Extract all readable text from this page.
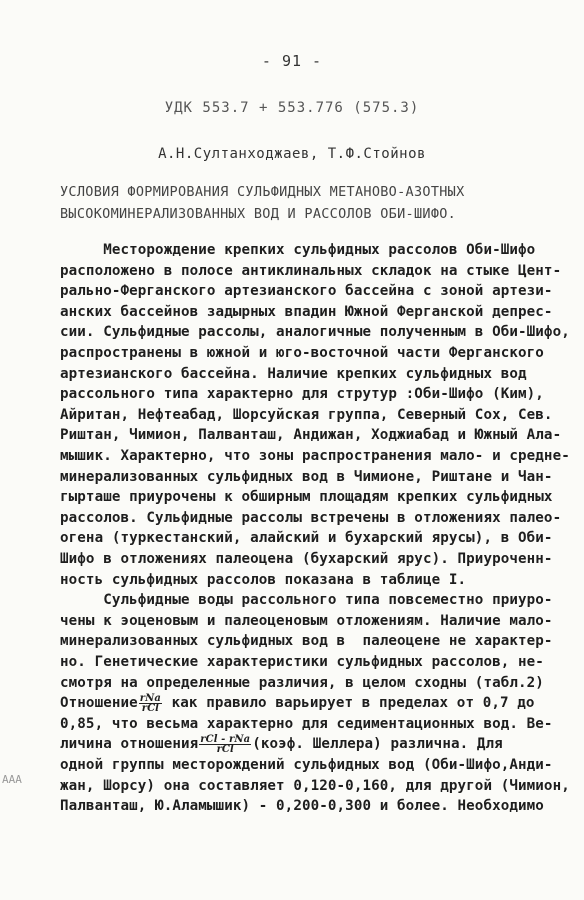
- 91 -
УДК 553.7 + 553.776 (575.3)
А.Н.Султанходжаев, Т.Ф.Стойнов
УСЛОВИЯ ФОРМИРОВАНИЯ СУЛЬФИДНЫХ МЕТАНОВО-АЗОТНЫХ
ВЫСОКОМИНЕРАЛИЗОВАННЫХ ВОД И РАССОЛОВ ОБИ-ШИФО.
Месторождение крепких сульфидных рассолов Оби-Шифо
расположено в полосе антиклинальных складок на стыке Цент-
рально-Ферганского артезианского бассейна с зоной артези-
анских бассейнов задырных впадин Южной Ферганской депрес-
сии. Сульфидные рассолы, аналогичные полученным в Оби-Шифо,
распространены в южной и юго-восточной части Ферганского
артезианского бассейна. Наличие крепких сульфидных вод
рассольного типа характерно для струтур :Оби-Шифо (Ким),
Айритан, Нефтеабад, Шорсуйская группа, Северный Сох, Сев.
Риштан, Чимион, Палванташ, Андижан, Ходжиабад и Южный Ала-
мышик. Характерно, что зоны распространения мало- и средне-
минерализованных сульфидных вод в Чимионе, Риштане и Чан-
гырташе приурочены к обширным площадям крепких сульфидных
рассолов. Сульфидные рассолы встречены в отложениях палео-
огена (туркестанский, алайский и бухарский ярусы), в Оби-
Шифо в отложениях палеоцена (бухарский ярус). Приуроченн-
ность сульфидных рассолов показана в таблице I.
Сульфидные воды рассольного типа повсеместно приуро-
чены к эоценовым и палеоценовым отложениям. Наличие мало-
минерализованных сульфидных вод в  палеоцене не характер-
но. Генетические характеристики сульфидных рассолов, не-
смотря на определенные различия, в целом сходны (табл.2)
Отношение $\frac{\text{rNa}}{\text{rCl}}$ как правило варьирует в пределах от 0,7 до
0,85, что весьма характерно для седиментационных вод. Ве-
личина отношения $\frac{\text{rCl - rNa}}{\text{rCl}}$ (коэф. Шеллера) различна. Для
одной группы месторождений сульфидных вод (Оби-Шифо,Анди-
жан, Шорсу) она составляет 0,120-0,160, для другой (Чимион,
Палванташ, Ю.Аламышик) - 0,200-0,300 и более. Необходимо
ААА
